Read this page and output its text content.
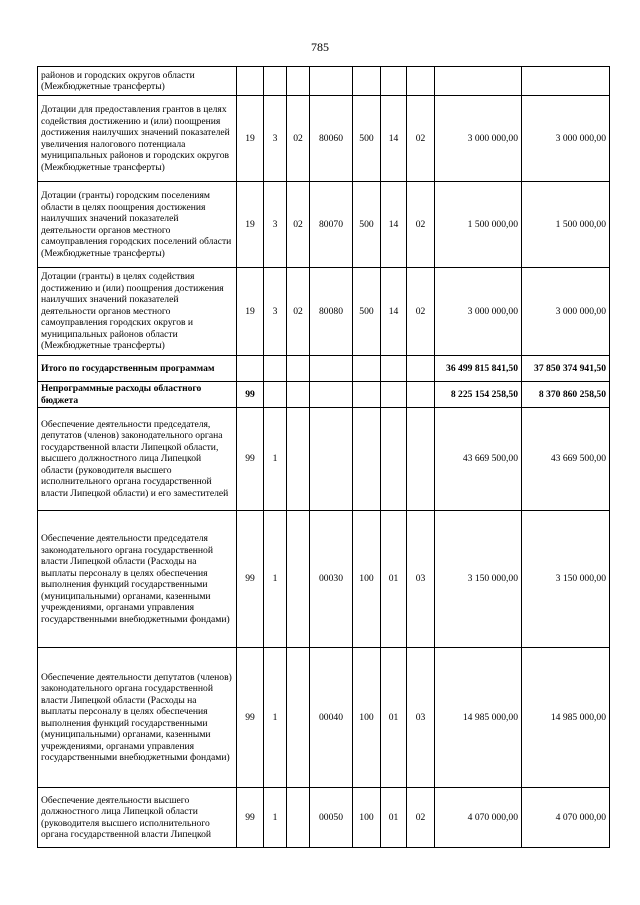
785
районов и городских округов области (Межбюджетные трансферты)									
Дотации для предоставления грантов в целях содействия достижению и (или) поощрения достижения наилучших значений показателей увеличения налогового потенциала муниципальных районов и городских округов (Межбюджетные трансферты)	19	3	02	80060	500	14	02	3 000 000,00	3 000 000,00
Дотации (гранты) городским поселениям области в целях поощрения достижения наилучших значений показателей деятельности органов местного самоуправления городских поселений области (Межбюджетные трансферты)	19	3	02	80070	500	14	02	1 500 000,00	1 500 000,00
Дотации (гранты) в целях содействия достижению и (или) поощрения достижения наилучших значений показателей деятельности органов местного самоуправления городских округов и муниципальных районов области (Межбюджетные трансферты)	19	3	02	80080	500	14	02	3 000 000,00	3 000 000,00
Итого по государственным программам								36 499 815 841,50	37 850 374 941,50
Непрограммные расходы областного бюджета	99							8 225 154 258,50	8 370 860 258,50
Обеспечение деятельности председателя, депутатов (членов) законодательного органа государственной власти Липецкой области, высшего должностного лица Липецкой области (руководителя высшего исполнительного органа государственной власти Липецкой области) и его заместителей	99	1						43 669 500,00	43 669 500,00
Обеспечение деятельности председателя законодательного органа государственной власти Липецкой области (Расходы на выплаты персоналу в целях обеспечения выполнения функций государственными (муниципальными) органами, казенными учреждениями, органами управления государственными внебюджетными фондами)	99	1		00030	100	01	03	3 150 000,00	3 150 000,00
Обеспечение деятельности депутатов (членов) законодательного органа государственной власти Липецкой области (Расходы на выплаты персоналу в целях обеспечения выполнения функций государственными (муниципальными) органами, казенными учреждениями, органами управления государственными внебюджетными фондами)	99	1		00040	100	01	03	14 985 000,00	14 985 000,00
Обеспечение деятельности высшего должностного лица Липецкой области (руководителя высшего исполнительного органа государственной власти Липецкой	99	1		00050	100	01	02	4 070 000,00	4 070 000,00
